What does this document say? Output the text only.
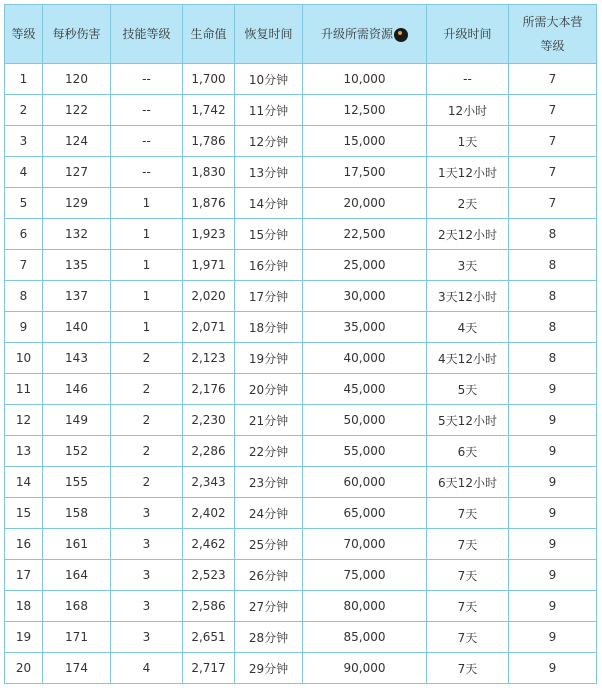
等级	每秒伤害	技能等级	生命值	恢复时间	升级所需资源	升级时间	所需大本营等级
1	120	--	1,700	10分钟	10,000	--	7
2	122	--	1,742	11分钟	12,500	12小时	7
3	124	--	1,786	12分钟	15,000	1天	7
4	127	--	1,830	13分钟	17,500	1天12小时	7
5	129	1	1,876	14分钟	20,000	2天	7
6	132	1	1,923	15分钟	22,500	2天12小时	8
7	135	1	1,971	16分钟	25,000	3天	8
8	137	1	2,020	17分钟	30,000	3天12小时	8
9	140	1	2,071	18分钟	35,000	4天	8
10	143	2	2,123	19分钟	40,000	4天12小时	8
11	146	2	2,176	20分钟	45,000	5天	9
12	149	2	2,230	21分钟	50,000	5天12小时	9
13	152	2	2,286	22分钟	55,000	6天	9
14	155	2	2,343	23分钟	60,000	6天12小时	9
15	158	3	2,402	24分钟	65,000	7天	9
16	161	3	2,462	25分钟	70,000	7天	9
17	164	3	2,523	26分钟	75,000	7天	9
18	168	3	2,586	27分钟	80,000	7天	9
19	171	3	2,651	28分钟	85,000	7天	9
20	174	4	2,717	29分钟	90,000	7天	9
